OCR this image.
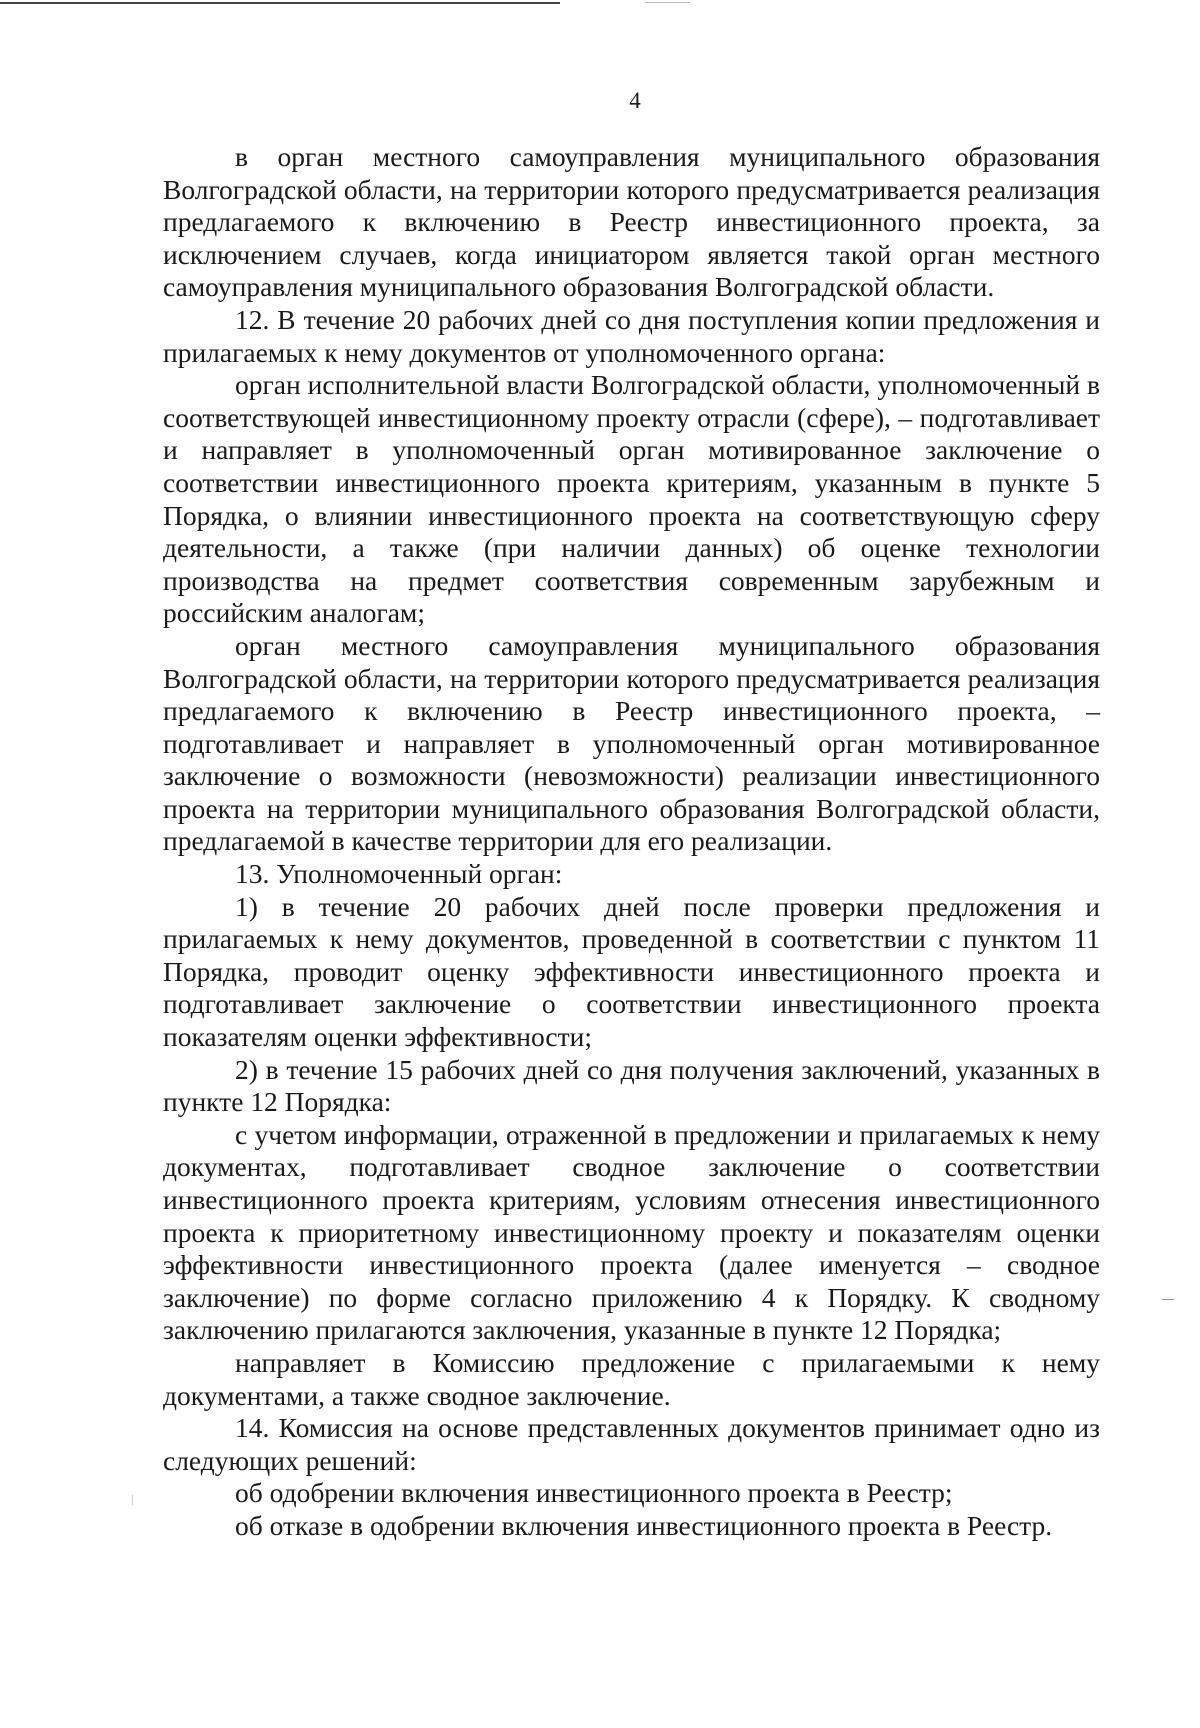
4

в орган местного самоуправления муниципального образования Волгоградской области, на территории которого предусматривается реализация предлагаемого к включению в Реестр инвестиционного проекта, за исключением случаев, когда инициатором является такой орган местного самоуправления муниципального образования Волгоградской области.

12. В течение 20 рабочих дней со дня поступления копии предложения и прилагаемых к нему документов от уполномоченного органа:

орган исполнительной власти Волгоградской области, уполномоченный в соответствующей инвестиционному проекту отрасли (сфере), – подготавливает и направляет в уполномоченный орган мотивированное заключение о соответствии инвестиционного проекта критериям, указанным в пункте 5 Порядка, о влиянии инвестиционного проекта на соответствующую сферу деятельности, а также (при наличии данных) об оценке технологии производства на предмет соответствия современным зарубежным и российским аналогам;

орган местного самоуправления муниципального образования Волгоградской области, на территории которого предусматривается реализация предлагаемого к включению в Реестр инвестиционного проекта, – подготавливает и направляет в уполномоченный орган мотивированное заключение о возможности (невозможности) реализации инвестиционного проекта на территории муниципального образования Волгоградской области, предлагаемой в качестве территории для его реализации.

13. Уполномоченный орган:

1) в течение 20 рабочих дней после проверки предложения и прилагаемых к нему документов, проведенной в соответствии с пунктом 11 Порядка, проводит оценку эффективности инвестиционного проекта и подготавливает заключение о соответствии инвестиционного проекта показателям оценки эффективности;

2) в течение 15 рабочих дней со дня получения заключений, указанных в пункте 12 Порядка:

с учетом информации, отраженной в предложении и прилагаемых к нему документах, подготавливает сводное заключение о соответствии инвестиционного проекта критериям, условиям отнесения инвестиционного проекта к приоритетному инвестиционному проекту и показателям оценки эффективности инвестиционного проекта (далее именуется – сводное заключение) по форме согласно приложению 4 к Порядку. К сводному заключению прилагаются заключения, указанные в пункте 12 Порядка;

направляет в Комиссию предложение с прилагаемыми к нему документами, а также сводное заключение.

14. Комиссия на основе представленных документов принимает одно из следующих решений:

об одобрении включения инвестиционного проекта в Реестр;

об отказе в одобрении включения инвестиционного проекта в Реестр.
